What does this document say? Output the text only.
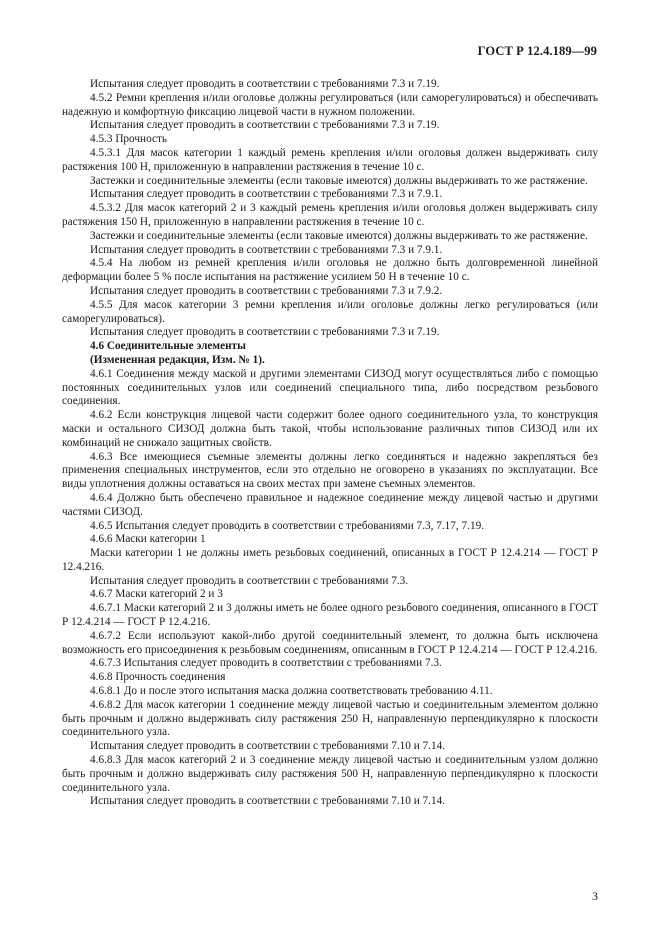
ГОСТ Р 12.4.189—99

Испытания следует проводить в соответствии с требованиями 7.3 и 7.19.

4.5.2 Ремни крепления и/или оголовье должны регулироваться (или саморегулироваться) и обеспечивать надежную и комфортную фиксацию лицевой части в нужном положении.

Испытания следует проводить в соответствии с требованиями 7.3 и 7.19.

4.5.3 Прочность

4.5.3.1 Для масок категории 1 каждый ремень крепления и/или оголовья должен выдерживать силу растяжения 100 Н, приложенную в направлении растяжения в течение 10 с.

Застежки и соединительные элементы (если таковые имеются) должны выдерживать то же растяжение.

Испытания следует проводить в соответствии с требованиями 7.3 и 7.9.1.

4.5.3.2 Для масок категорий 2 и 3 каждый ремень крепления и/или оголовья должен выдерживать силу растяжения 150 Н, приложенную в направлении растяжения в течение 10 с.

Застежки и соединительные элементы (если таковые имеются) должны выдерживать то же растяжение.

Испытания следует проводить в соответствии с требованиями 7.3 и 7.9.1.

4.5.4 На любом из ремней крепления и/или оголовья не должно быть долговременной линейной деформации более 5 % после испытания на растяжение усилием 50 Н в течение 10 с.

Испытания следует проводить в соответствии с требованиями 7.3 и 7.9.2.

4.5.5 Для масок категории 3 ремни крепления и/или оголовье должны легко регулироваться (или саморегулироваться).

Испытания следует проводить в соответствии с требованиями 7.3 и 7.19.

4.6 Соединительные элементы

(Измененная редакция, Изм. № 1).

4.6.1 Соединения между маской и другими элементами СИЗОД могут осуществляться либо с помощью постоянных соединительных узлов или соединений специального типа, либо посредством резьбового соединения.

4.6.2 Если конструкция лицевой части содержит более одного соединительного узла, то конструкция маски и остального СИЗОД должна быть такой, чтобы использование различных типов СИЗОД или их комбинаций не снижало защитных свойств.

4.6.3 Все имеющиеся съемные элементы должны легко соединяться и надежно закрепляться без применения специальных инструментов, если это отдельно не оговорено в указаниях по эксплуатации. Все виды уплотнения должны оставаться на своих местах при замене съемных элементов.

4.6.4 Должно быть обеспечено правильное и надежное соединение между лицевой частью и другими частями СИЗОД.

4.6.5 Испытания следует проводить в соответствии с требованиями 7.3, 7.17, 7.19.

4.6.6 Маски категории 1

Маски категории 1 не должны иметь резьбовых соединений, описанных в ГОСТ Р 12.4.214 — ГОСТ Р 12.4.216.

Испытания следует проводить в соответствии с требованиями 7.3.

4.6.7 Маски категорий 2 и 3

4.6.7.1 Маски категорий 2 и 3 должны иметь не более одного резьбового соединения, описанного в ГОСТ Р 12.4.214 — ГОСТ Р 12.4.216.

4.6.7.2 Если используют какой-либо другой соединительный элемент, то должна быть исключена возможность его присоединения к резьбовым соединениям, описанным в ГОСТ Р 12.4.214 — ГОСТ Р 12.4.216.

4.6.7.3 Испытания следует проводить в соответствии с требованиями 7.3.

4.6.8 Прочность соединения

4.6.8.1 До и после этого испытания маска должна соответствовать требованию 4.11.

4.6.8.2 Для масок категории 1 соединение между лицевой частью и соединительным элементом должно быть прочным и должно выдерживать силу растяжения 250 Н, направленную перпендикулярно к плоскости соединительного узла.

Испытания следует проводить в соответствии с требованиями 7.10 и 7.14.

4.6.8.3 Для масок категорий 2 и 3 соединение между лицевой частью и соединительным узлом должно быть прочным и должно выдерживать силу растяжения 500 Н, направленную перпендикулярно к плоскости соединительного узла.

Испытания следует проводить в соответствии с требованиями 7.10 и 7.14.

3
